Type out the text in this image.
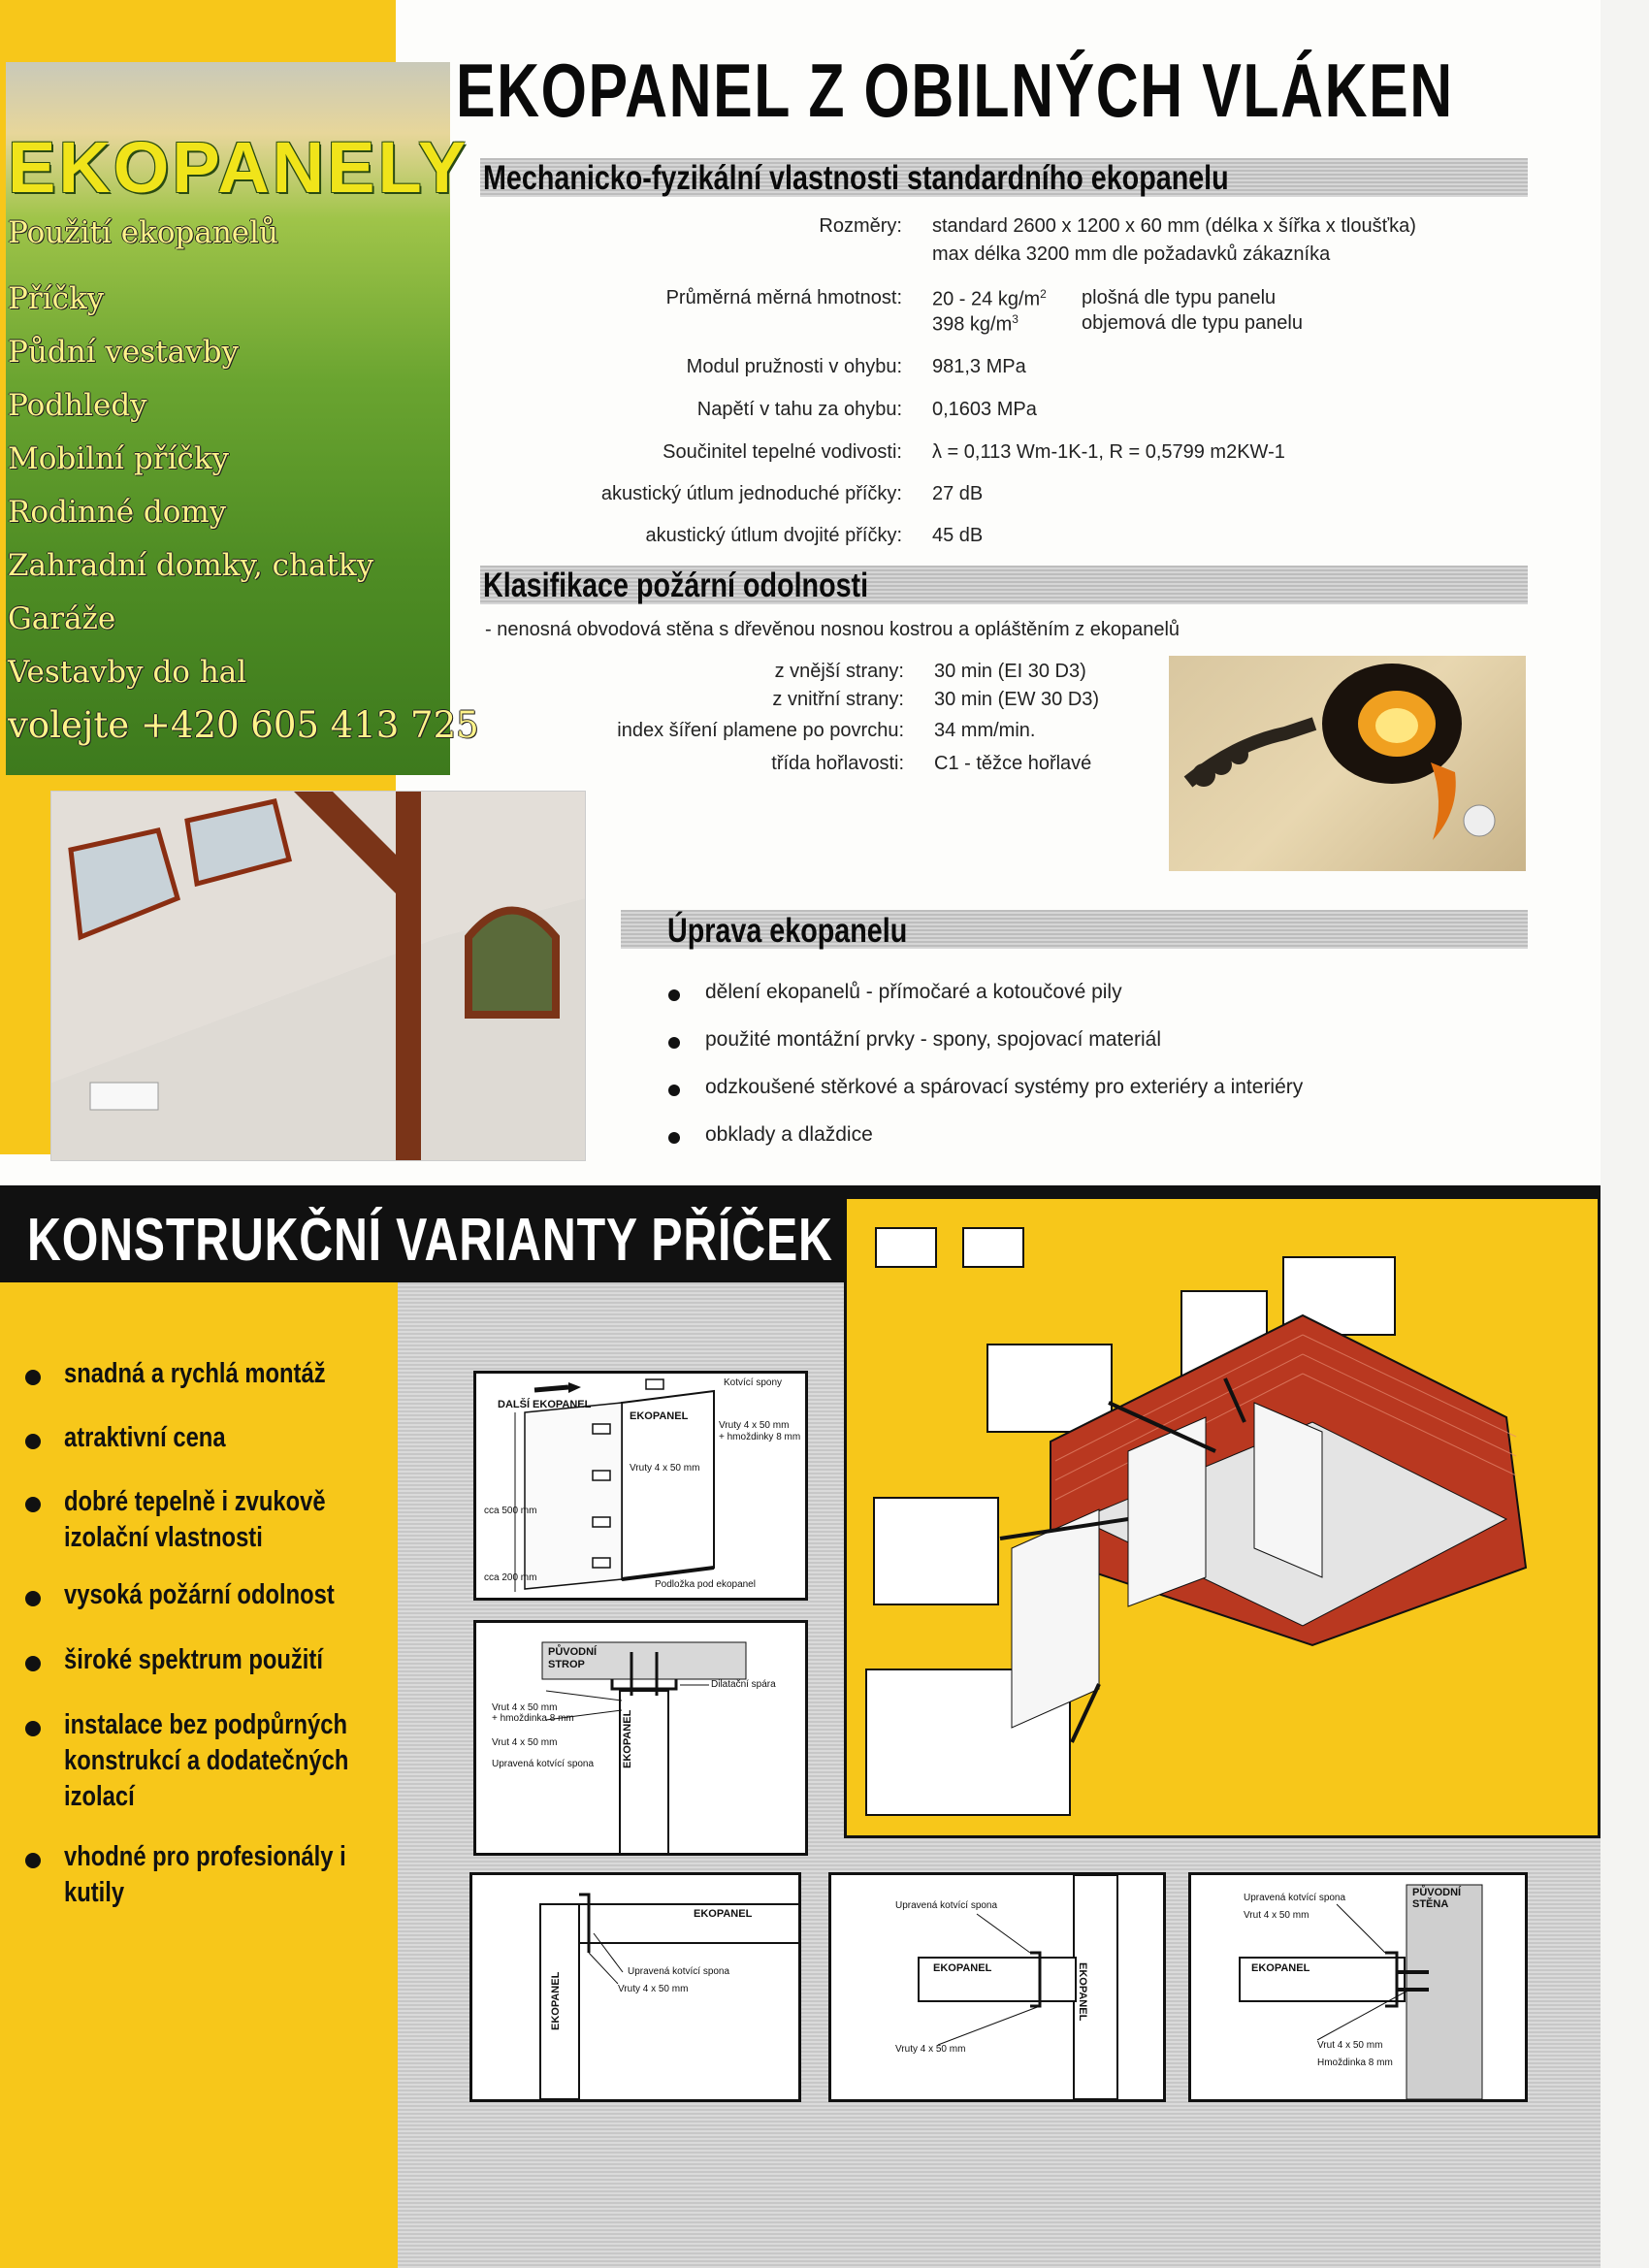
EKOPANELY
Použití ekopanelů
Příčky
Půdní vestavby
Podhledy
Mobilní příčky
Rodinné domy
Zahradní domky, chatky
Garáže
Vestavby do hal
volejte +420 605 413 725
EKOPANEL Z OBILNÝCH VLÁKEN
Mechanicko-fyzikální vlastnosti standardního ekopanelu
Rozměry: standard 2600 x 1200 x 60 mm (délka x šířka x tloušťka)
max délka 3200 mm dle požadavků zákazníka
Průměrná měrná hmotnost: 20 - 24 $kg/m^2$ plošná dle typu panelu
398 $kg/m^3$	objemová dle typu panelu
Modul pružnosti v ohybu: 981,3 MPa
Napětí v tahu za ohybu: 0,1603 MPa
Součinitel tepelné vodivosti: λ = 0,113 Wm-1K-1, R = 0,5799 m2KW-1
akustický útlum jednoduché příčky: 27 dB
akustický útlum dvojité příčky: 45 dB
Klasifikace požární odolnosti
- nenosná obvodová stěna s dřevěnou nosnou kostrou a opláštěním z ekopanelů
z vnější strany: 30 min (EI 30 D3)
z vnitřní strany: 30 min (EW 30 D3)
index šíření plamene po povrchu: 34 mm/min.
třída hořlavosti: C1 - těžce hořlavé
Úprava ekopanelu
dělení ekopanelů - přímočaré a kotoučové pily
použité montážní prvky - spony, spojovací materiál
odzkoušené stěrkové a spárovací systémy pro exteriéry a interiéry
obklady a dlaždice
KONSTRUKČNÍ VARIANTY PŘÍČEK
snadná a rychlá montáž
atraktivní cena
dobré tepelně i zvukově izolační vlastnosti
vysoká požární odolnost
široké spektrum použití
instalace bez podpůrných konstrukcí a dodatečných izolací
vhodné pro profesionály i kutily
DALŠÍ EKOPANEL
EKOPANEL
Kotvící spony
Vruty 4 x 50 mm
+ hmoždinky 8 mm
Vruty 4 x 50 mm
cca 500 mm
cca 200 mm
Podložka pod ekopanel
PŮVODNÍ
STROP
Dilatační spára
Vrut 4 x 50 mm
+ hmoždinka 8 mm
Vrut 4 x 50 mm
Upravená kotvící spona	EKOPANEL
EKOPANEL
EKOPANEL
Upravená kotvící spona
Vruty 4 x 50 mm
Upravená kotvící spona
EKOPANEL	EKOPANEL
Vruty 4 x 50 mm
Upravená kotvící spona
Vrut 4 x 50 mm
EKOPANEL
PŮVODNÍ
STĚNA
Vrut 4 x 50 mm
Hmoždinka 8 mm
